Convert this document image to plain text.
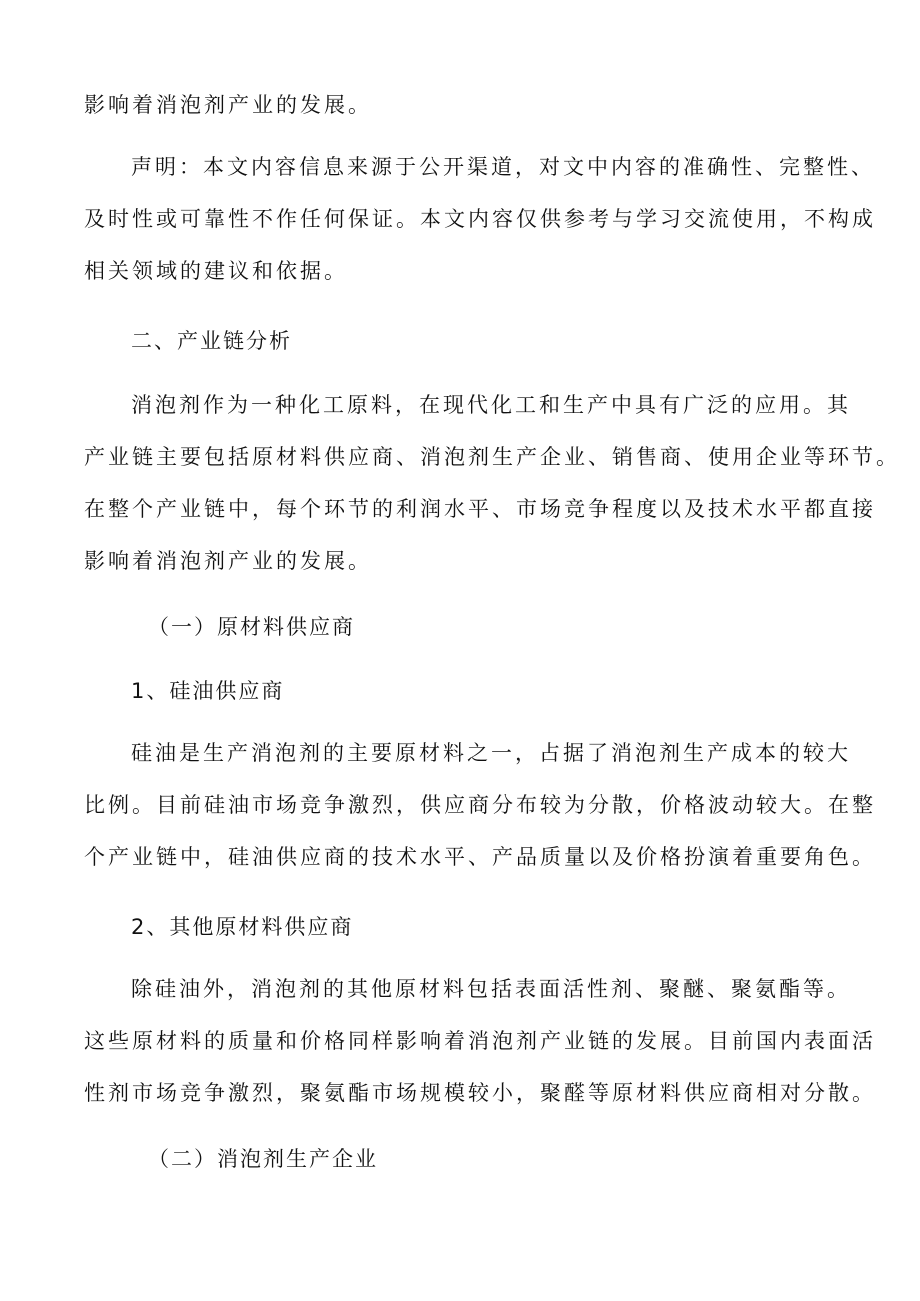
影响着消泡剂产业的发展。

声明：本文内容信息来源于公开渠道，对文中内容的准确性、完整性、

及时性或可靠性不作任何保证。本文内容仅供参考与学习交流使用，不构成

相关领域的建议和依据。

二、产业链分析

消泡剂作为一种化工原料，在现代化工和生产中具有广泛的应用。其

产业链主要包括原材料供应商、消泡剂生产企业、销售商、使用企业等环节。

在整个产业链中，每个环节的利润水平、市场竞争程度以及技术水平都直接

影响着消泡剂产业的发展。

（一）原材料供应商

1、硅油供应商

硅油是生产消泡剂的主要原材料之一，占据了消泡剂生产成本的较大

比例。目前硅油市场竞争激烈，供应商分布较为分散，价格波动较大。在整

个产业链中，硅油供应商的技术水平、产品质量以及价格扮演着重要角色。

2、其他原材料供应商

除硅油外，消泡剂的其他原材料包括表面活性剂、聚醚、聚氨酯等。

这些原材料的质量和价格同样影响着消泡剂产业链的发展。目前国内表面活

性剂市场竞争激烈，聚氨酯市场规模较小，聚醛等原材料供应商相对分散。

（二）消泡剂生产企业
